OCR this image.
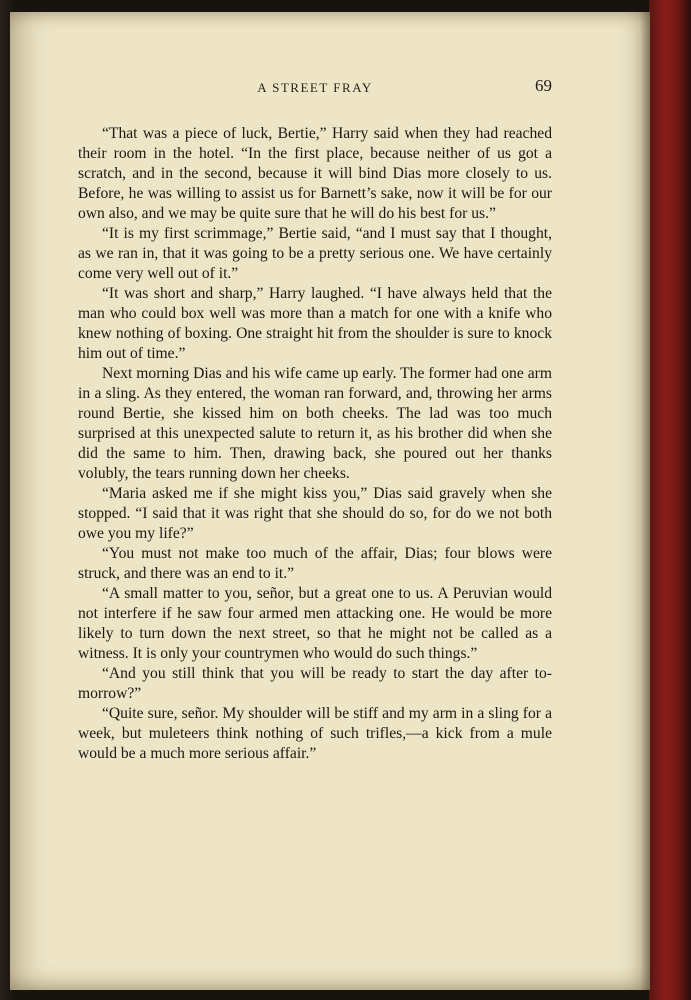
A STREET FRAY	69

“That was a piece of luck, Bertie,” Harry said when they had reached their room in the hotel. “In the first place, because neither of us got a scratch, and in the second, because it will bind Dias more closely to us. Before, he was willing to assist us for Barnett’s sake, now it will be for our own also, and we may be quite sure that he will do his best for us.”

“It is my first scrimmage,” Bertie said, “and I must say that I thought, as we ran in, that it was going to be a pretty serious one. We have certainly come very well out of it.”

“It was short and sharp,” Harry laughed. “I have always held that the man who could box well was more than a match for one with a knife who knew nothing of boxing. One straight hit from the shoulder is sure to knock him out of time.”

Next morning Dias and his wife came up early. The former had one arm in a sling. As they entered, the woman ran forward, and, throwing her arms round Bertie, she kissed him on both cheeks. The lad was too much surprised at this unexpected salute to return it, as his brother did when she did the same to him. Then, drawing back, she poured out her thanks volubly, the tears running down her cheeks.

“Maria asked me if she might kiss you,” Dias said gravely when she stopped. “I said that it was right that she should do so, for do we not both owe you my life?”

“You must not make too much of the affair, Dias; four blows were struck, and there was an end to it.”

“A small matter to you, señor, but a great one to us. A Peruvian would not interfere if he saw four armed men attacking one. He would be more likely to turn down the next street, so that he might not be called as a witness. It is only your countrymen who would do such things.”

“And you still think that you will be ready to start the day after to-morrow?”

“Quite sure, señor. My shoulder will be stiff and my arm in a sling for a week, but muleteers think nothing of such trifles,—a kick from a mule would be a much more serious affair.”
